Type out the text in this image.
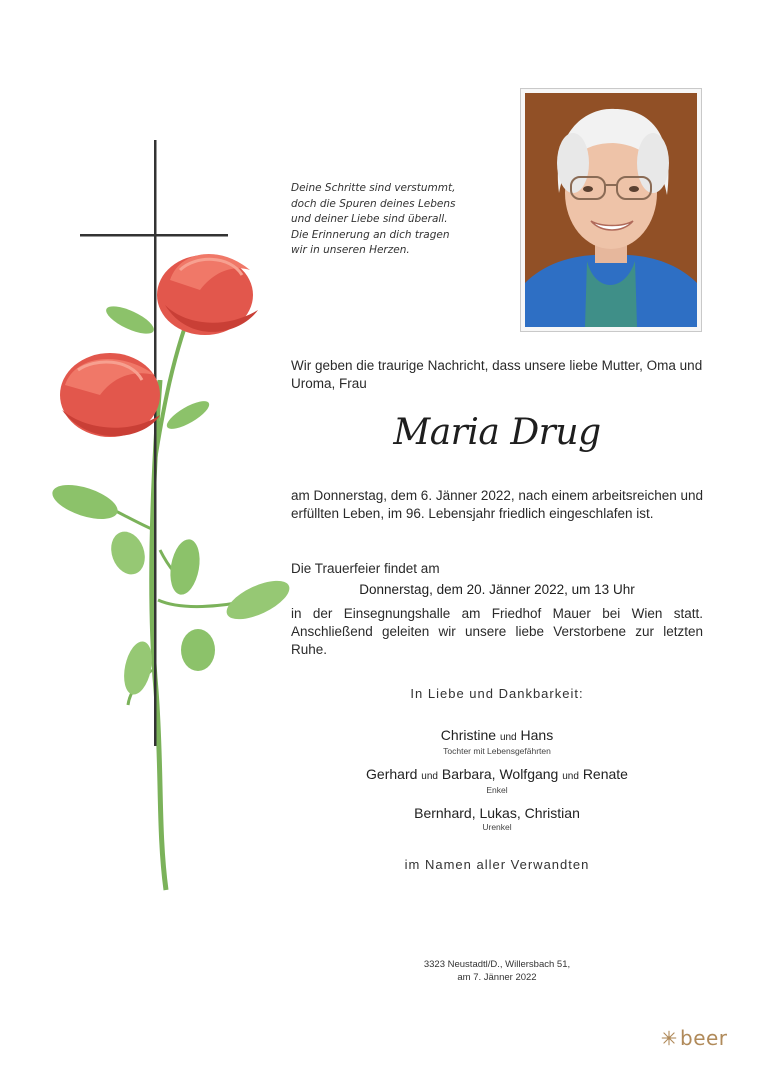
Deine Schritte sind verstummt,
doch die Spuren deines Lebens
und deiner Liebe sind überall.
Die Erinnerung an dich tragen
wir in unseren Herzen.
Wir geben die traurige Nachricht, dass unsere liebe Mutter, Oma und Uroma, Frau
Maria Drug
am Donnerstag, dem 6. Jänner 2022, nach einem arbeitsreichen und erfüllten Leben, im 96. Lebensjahr friedlich eingeschlafen ist.
Die Trauerfeier findet am
Donnerstag, dem 20. Jänner 2022, um 13 Uhr
in der Einsegnungshalle am Friedhof Mauer bei Wien statt. Anschließend geleiten wir unsere liebe Verstorbene zur letzten Ruhe.
In Liebe und Dankbarkeit:
Christine und Hans
Tochter mit Lebensgefährten
Gerhard und Barbara, Wolfgang und Renate
Enkel
Bernhard, Lukas, Christian
Urenkel
im Namen aller Verwandten
3323 Neustadtl/D., Willersbach 51,
am 7. Jänner 2022
beer
